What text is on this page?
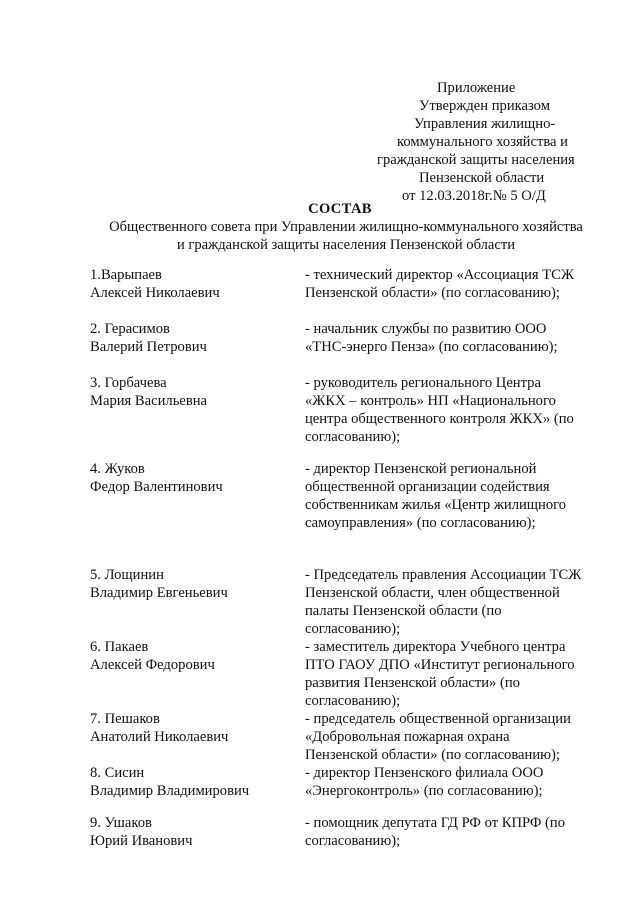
Приложение
Утвержден приказом
Управления жилищно-
коммунального хозяйства и
гражданской защиты населения
Пензенской области
от 12.03.2018г.№ 5 О/Д
СОСТАВ
Общественного совета при Управлении жилищно-коммунального хозяйства
и гражданской защиты населения Пензенской области
1.Варыпаев
Алексей Николаевич
- технический директор «Ассоциация ТСЖ
Пензенской области» (по согласованию);
2. Герасимов
Валерий Петрович
- начальник службы по развитию ООО
«ТНС-энерго Пенза» (по согласованию);
3. Горбачева
Мария Васильевна
- руководитель регионального Центра
«ЖКХ – контроль» НП «Национального
центра общественного контроля ЖКХ» (по
согласованию);
4. Жуков
Федор Валентинович
- директор Пензенской региональной
общественной организации содействия
собственникам жилья «Центр жилищного
самоуправления» (по согласованию);
5. Лощинин
Владимир Евгеньевич
- Председатель правления Ассоциации ТСЖ
Пензенской области, член общественной
палаты Пензенской области (по
согласованию);
6. Пакаев
Алексей Федорович
- заместитель директора Учебного центра
ПТО ГАОУ ДПО «Институт регионального
развития Пензенской области» (по
согласованию);
7. Пешаков
Анатолий Николаевич
- председатель общественной организации
«Добровольная пожарная охрана
Пензенской области» (по согласованию);
8. Сисин
Владимир Владимирович
- директор Пензенского филиала ООО
«Энергоконтроль» (по согласованию);
9. Ушаков
Юрий Иванович
- помощник депутата ГД РФ от КПРФ (по
согласованию);
